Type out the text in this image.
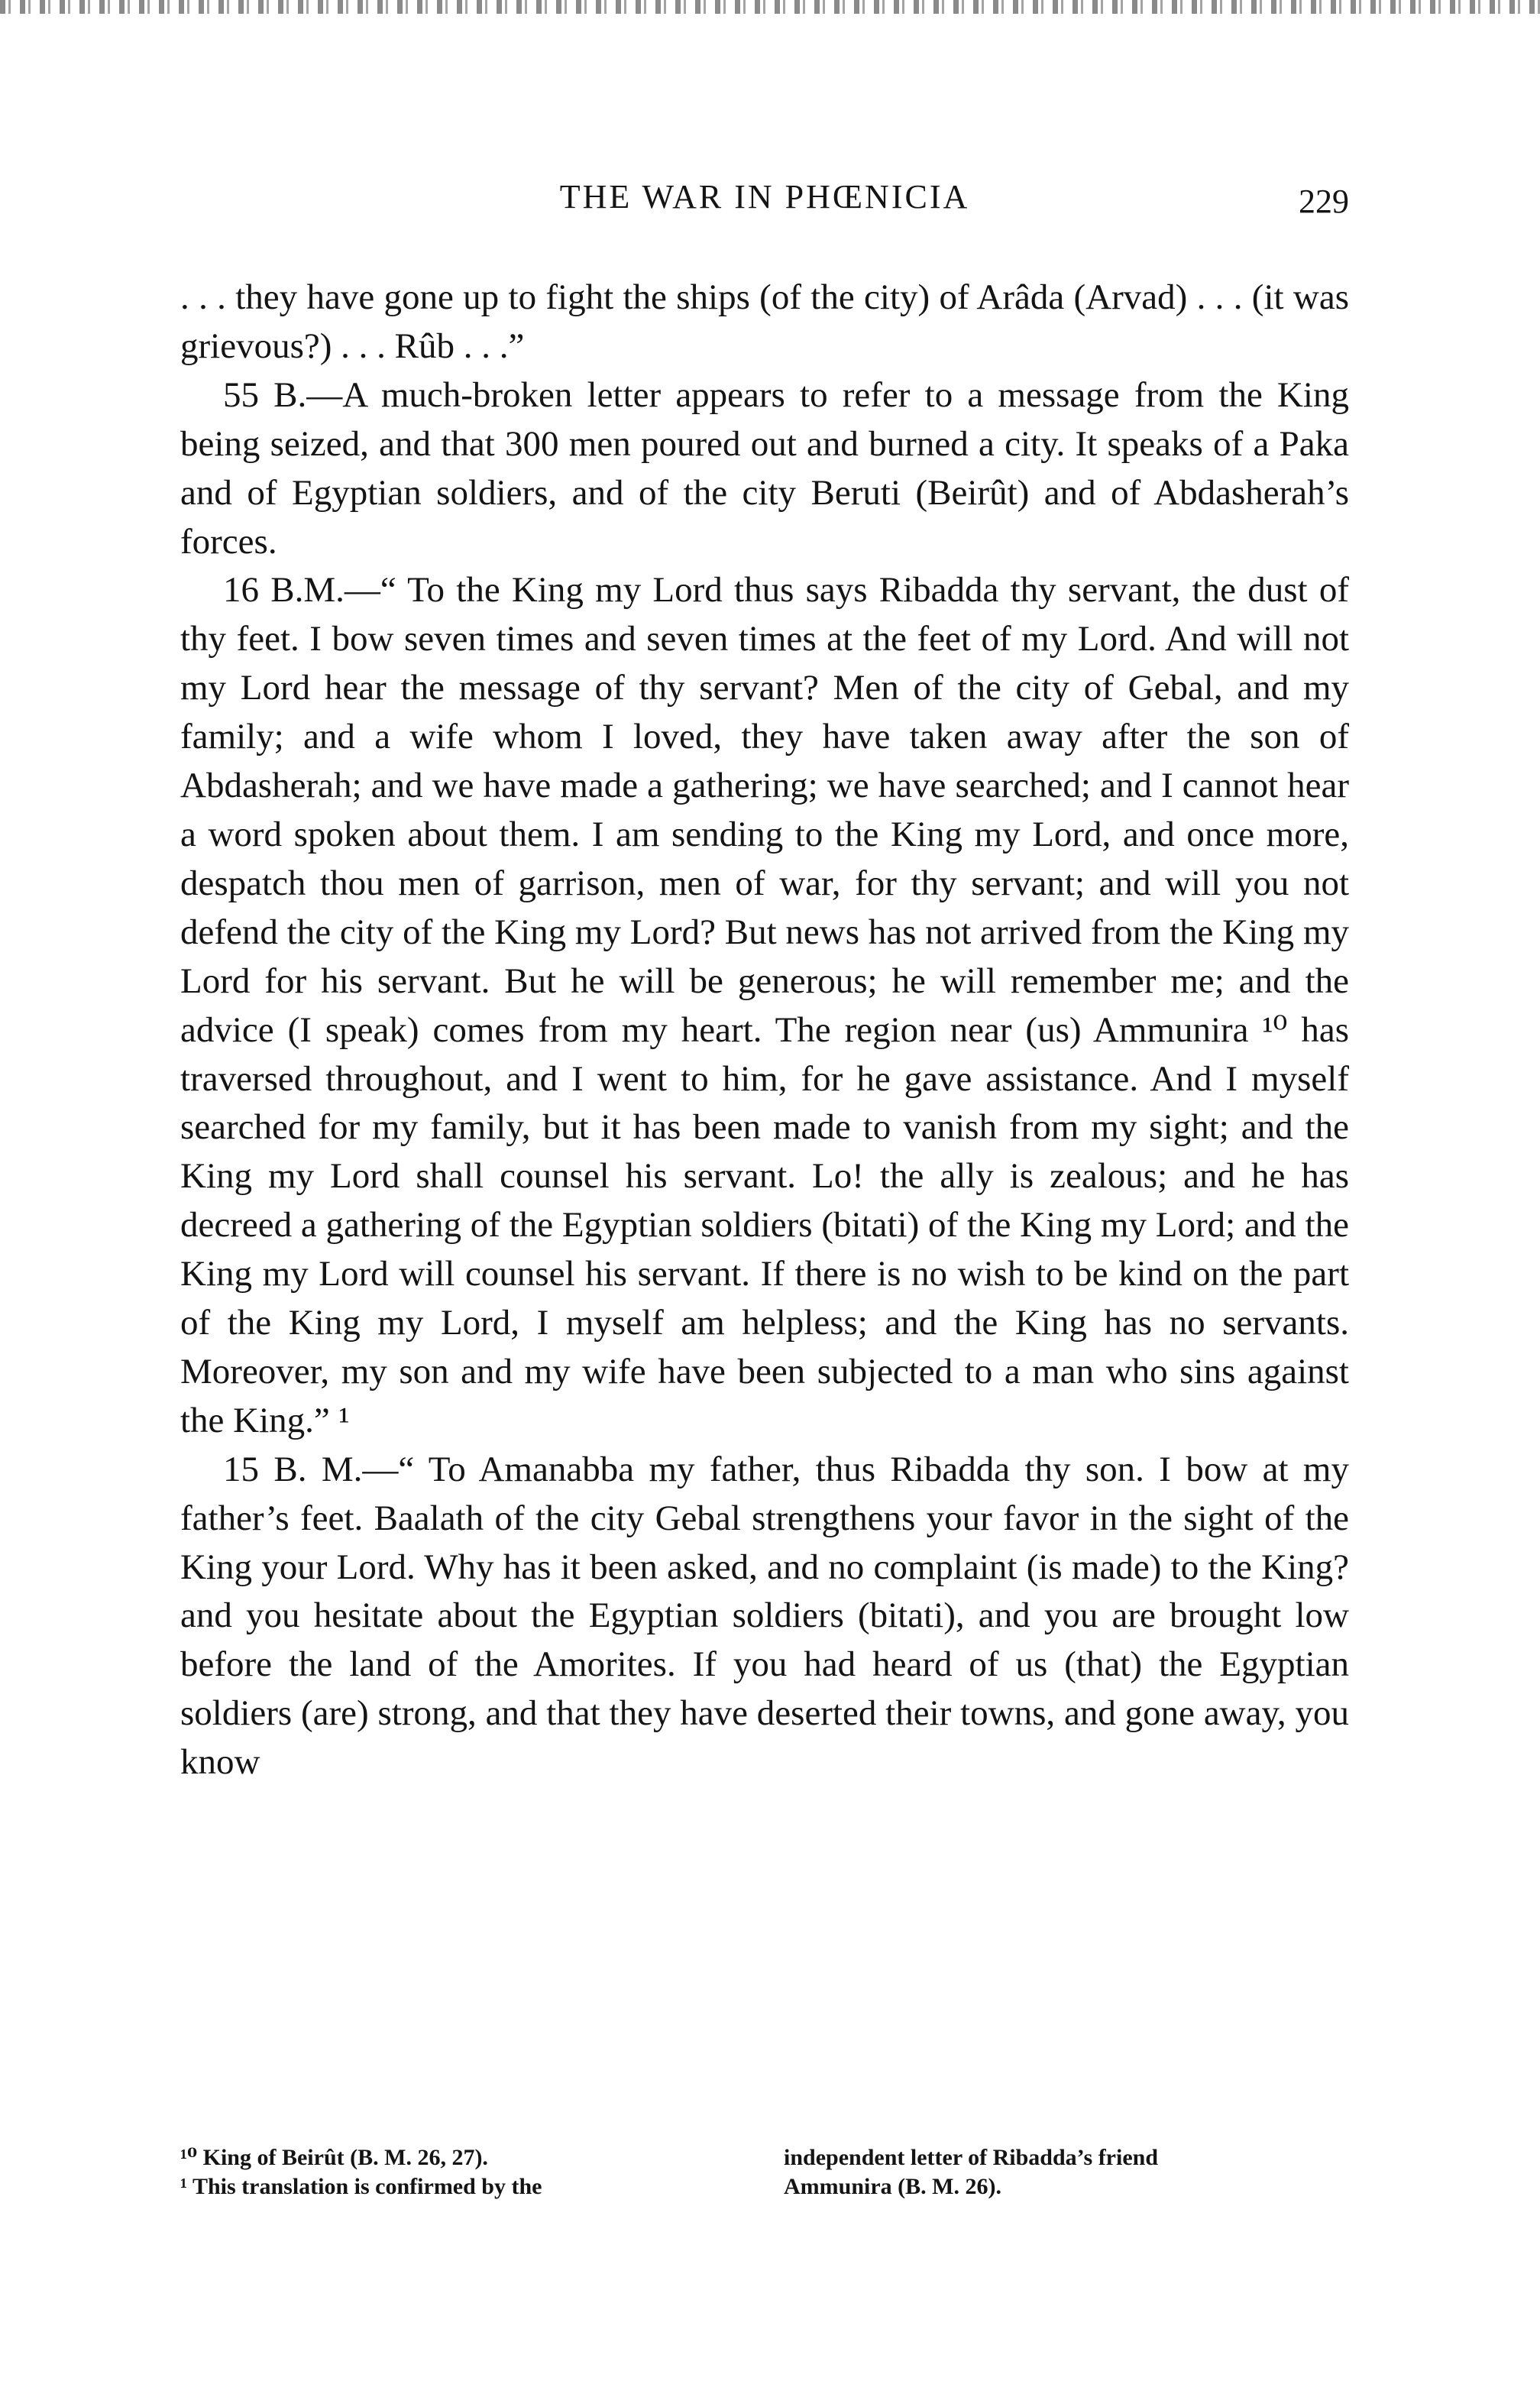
THE WAR IN PHŒNICIA	229

. . . they have gone up to fight the ships (of the city) of Arâda (Arvad) . . . (it was grievous?) . . . Rûb . . .”

55 B.—A much-broken letter appears to refer to a message from the King being seized, and that 300 men poured out and burned a city. It speaks of a Paka and of Egyptian soldiers, and of the city Beruti (Beirût) and of Abdasherah’s forces.

16 B.M.—“ To the King my Lord thus says Ribadda thy servant, the dust of thy feet. I bow seven times and seven times at the feet of my Lord. And will not my Lord hear the message of thy servant? Men of the city of Gebal, and my family; and a wife whom I loved, they have taken away after the son of Abdasherah; and we have made a gathering; we have searched; and I cannot hear a word spoken about them. I am sending to the King my Lord, and once more, despatch thou men of garrison, men of war, for thy servant; and will you not defend the city of the King my Lord? But news has not arrived from the King my Lord for his servant. But he will be generous; he will remember me; and the advice (I speak) comes from my heart. The region near (us) Ammunira ¹⁰ has traversed throughout, and I went to him, for he gave assistance. And I myself searched for my family, but it has been made to vanish from my sight; and the King my Lord shall counsel his servant. Lo! the ally is zealous; and he has decreed a gathering of the Egyptian soldiers (bitati) of the King my Lord; and the King my Lord will counsel his servant. If there is no wish to be kind on the part of the King my Lord, I myself am helpless; and the King has no servants. Moreover, my son and my wife have been subjected to a man who sins against the King.” ¹

15 B. M.—“ To Amanabba my father, thus Ribadda thy son. I bow at my father’s feet. Baalath of the city Gebal strengthens your favor in the sight of the King your Lord. Why has it been asked, and no complaint (is made) to the King? and you hesitate about the Egyptian soldiers (bitati), and you are brought low before the land of the Amorites. If you had heard of us (that) the Egyptian soldiers (are) strong, and that they have deserted their towns, and gone away, you know

¹⁰ King of Beirût (B. M. 26, 27).
¹ This translation is confirmed by the
independent letter of Ribadda’s friend
Ammunira (B. M. 26).
